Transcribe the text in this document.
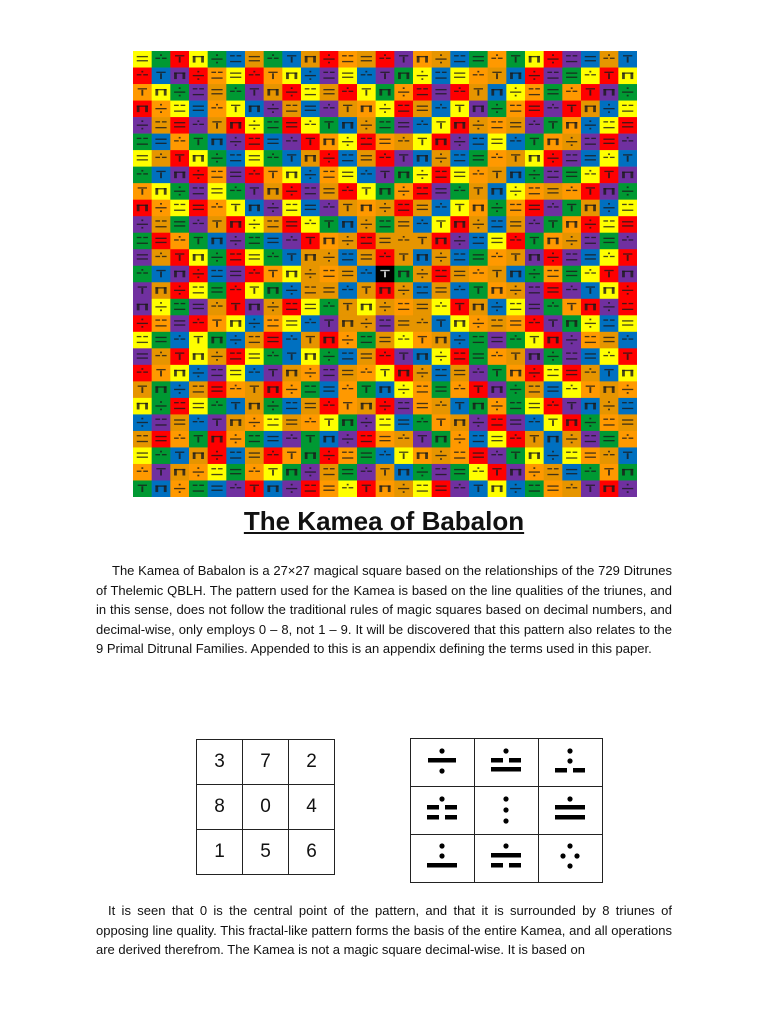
The Kamea of Babalon

The Kamea of Babalon is a 27×27 magical square based on the relationships of the 729 Ditrunes of Thelemic QBLH. The pattern used for the Kamea is based on the line qualities of the triunes, and in this sense, does not follow the traditional rules of magic squares based on decimal numbers, and decimal-wise, only employs 0 – 8, not 1 – 9. It will be discovered that this pattern also relates to the 9 Primal Ditrunal Families. Appended to this is an appendix defining the terms used in this paper.

3	7	2
8	0	4
1	5	6

It is seen that 0 is the central point of the pattern, and that it is surrounded by 8 triunes of opposing line quality. This fractal-like pattern forms the basis of the entire Kamea, and all operations are derived therefrom. The Kamea is not a magic square decimal-wise. It is based on
